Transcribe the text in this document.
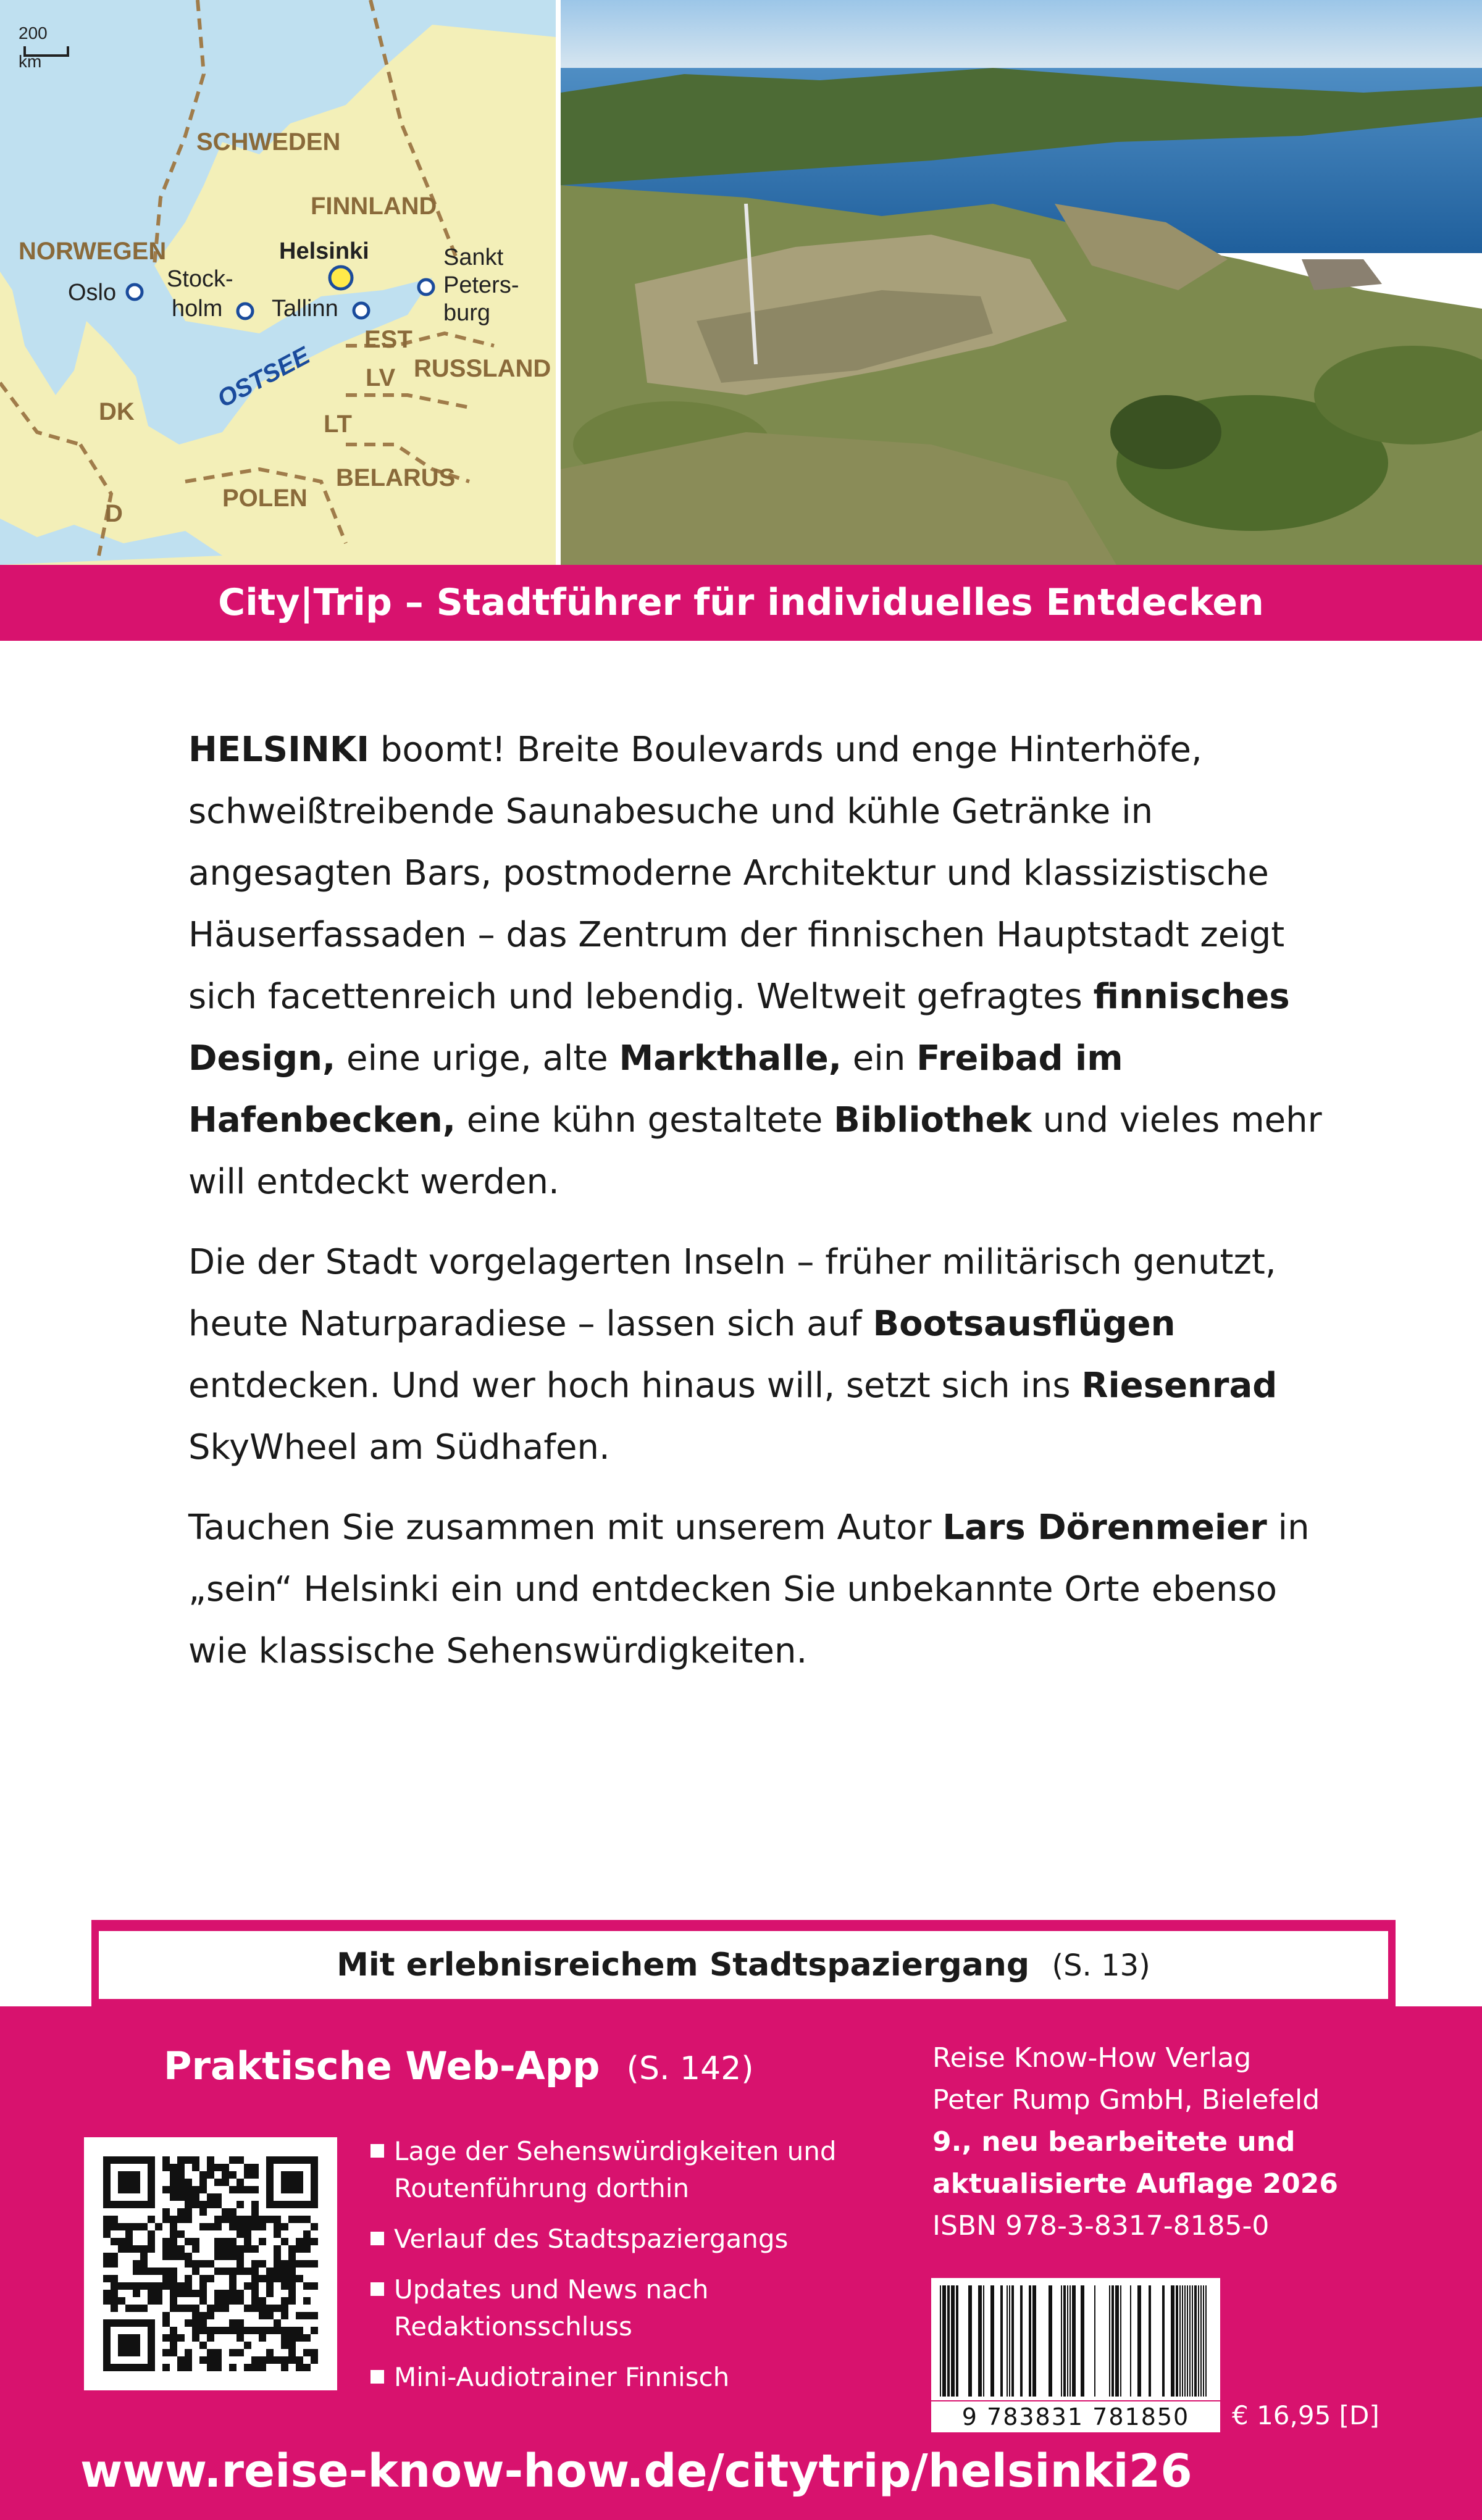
200
km
SCHWEDEN
NORWEGEN
FINNLAND
RUSSLAND
EST
LV
LT
BELARUS
POLEN
DK
D
OSTSEE
Oslo
Stock-
holm
Helsinki
Tallinn
Sankt
Peters-
burg
City|Trip – Stadtführer für individuelles Entdecken

HELSINKI boomt! Breite Boulevards und enge Hinterhöfe, schweißtreibende Saunabesuche und kühle Getränke in angesagten Bars, postmoderne Architektur und klassizistische Häuserfassaden – das Zentrum der finnischen Hauptstadt zeigt sich facettenreich und lebendig. Weltweit gefragtes finnisches Design, eine urige, alte Markthalle, ein Freibad im Hafenbecken, eine kühn gestaltete Bibliothek und vieles mehr will entdeckt werden.

Die der Stadt vorgelagerten Inseln – früher militärisch genutzt, heute Naturparadiese – lassen sich auf Bootsausflügen entdecken. Und wer hoch hinaus will, setzt sich ins Riesenrad SkyWheel am Südhafen.

Tauchen Sie zusammen mit unserem Autor Lars Dörenmeier in „sein“ Helsinki ein und entdecken Sie unbekannte Orte ebenso wie klassische Sehenswürdigkeiten.

Mit erlebnisreichem Stadtspaziergang (S. 13)
Praktische Web-App (S. 142)
Lage der Sehenswürdigkeiten und Routenführung dorthin
Verlauf des Stadtspaziergangs
Updates und News nach Redaktionsschluss
Mini-Audiotrainer Finnisch
Reise Know-How Verlag
Peter Rump GmbH, Bielefeld
9., neu bearbeitete und
aktualisierte Auflage 2026
ISBN 978-3-8317-8185-0
9 783831 781850	€ 16,95 [D]
www.reise-know-how.de/citytrip/helsinki26
